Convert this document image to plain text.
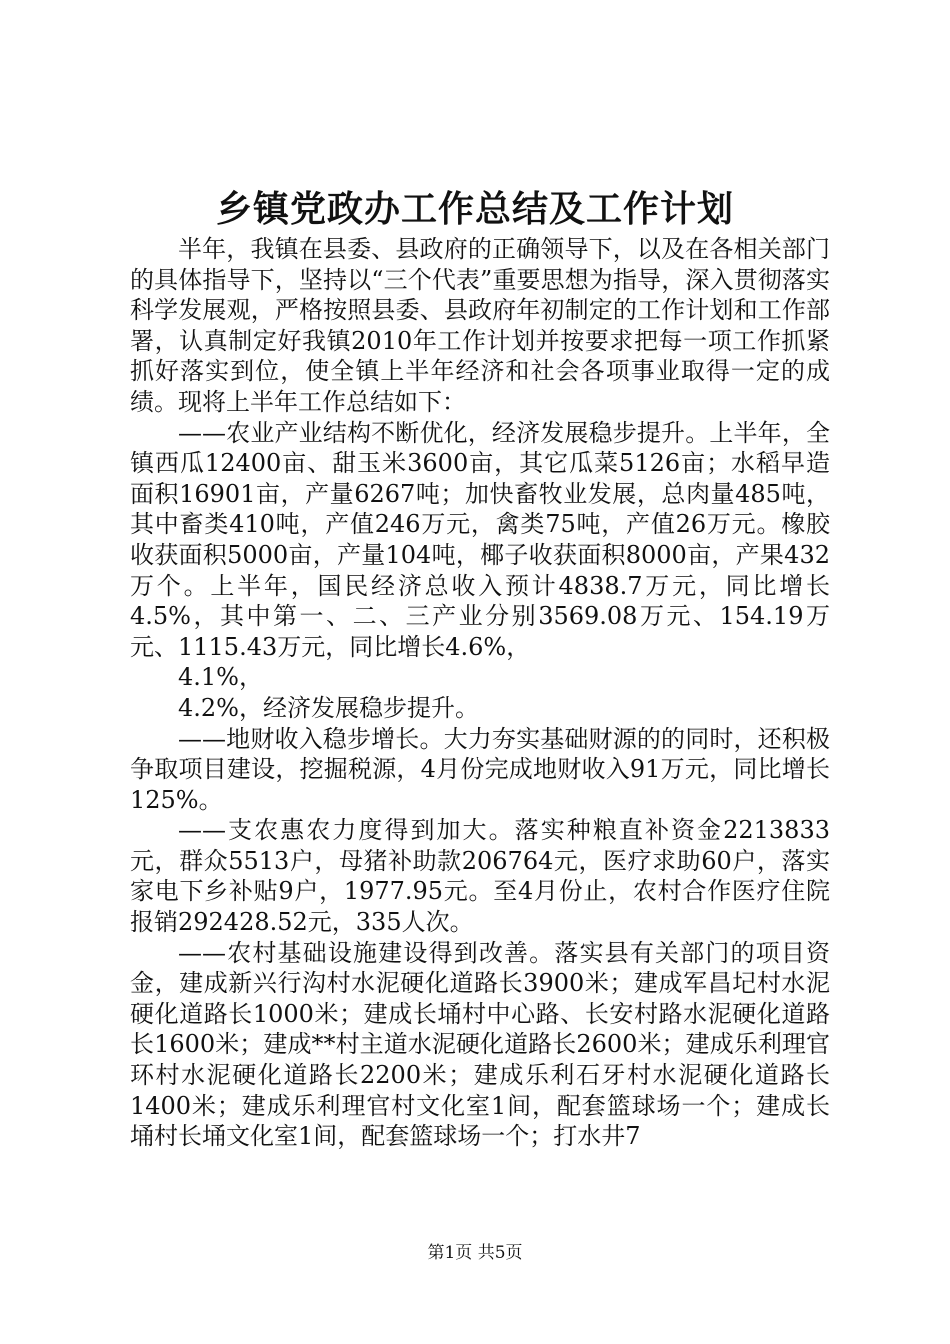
乡镇党政办工作总结及工作计划

半年，我镇在县委、县政府的正确领导下，以及在各相关部门的具体指导下，坚持以“三个代表”重要思想为指导，深入贯彻落实科学发展观，严格按照县委、县政府年初制定的工作计划和工作部署，认真制定好我镇2010年工作计划并按要求把每一项工作抓紧抓好落实到位，使全镇上半年经济和社会各项事业取得一定的成绩。现将上半年工作总结如下：

——农业产业结构不断优化，经济发展稳步提升。上半年，全镇西瓜12400亩、甜玉米3600亩，其它瓜菜5126亩；水稻早造面积16901亩，产量6267吨；加快畜牧业发展，总肉量485吨，其中畜类410吨，产值246万元，禽类75吨，产值26万元。橡胶收获面积5000亩，产量104吨，椰子收获面积8000亩，产果432万个。上半年，国民经济总收入预计4838.7万元，同比增长4.5%，其中第一、二、三产业分别3569.08万元、154.19万元、1115.43万元，同比增长4.6%，

4.1%，

4.2%，经济发展稳步提升。

——地财收入稳步增长。大力夯实基础财源的的同时，还积极争取项目建设，挖掘税源，4月份完成地财收入91万元，同比增长125%。

——支农惠农力度得到加大。落实种粮直补资金2213833元，群众5513户，母猪补助款206764元，医疗求助60户，落实家电下乡补贴9户，1977.95元。至4月份止，农村合作医疗住院报销292428.52元，335人次。

——农村基础设施建设得到改善。落实县有关部门的项目资金，建成新兴行沟村水泥硬化道路长3900米；建成军昌圮村水泥硬化道路长1000米；建成长埇村中心路、长安村路水泥硬化道路长1600米；建成**村主道水泥硬化道路长2600米；建成乐利理官环村水泥硬化道路长2200米；建成乐利石牙村水泥硬化道路长1400米；建成乐利理官村文化室1间，配套篮球场一个；建成长埇村长埇文化室1间，配套篮球场一个；打水井7

第1页 共5页
